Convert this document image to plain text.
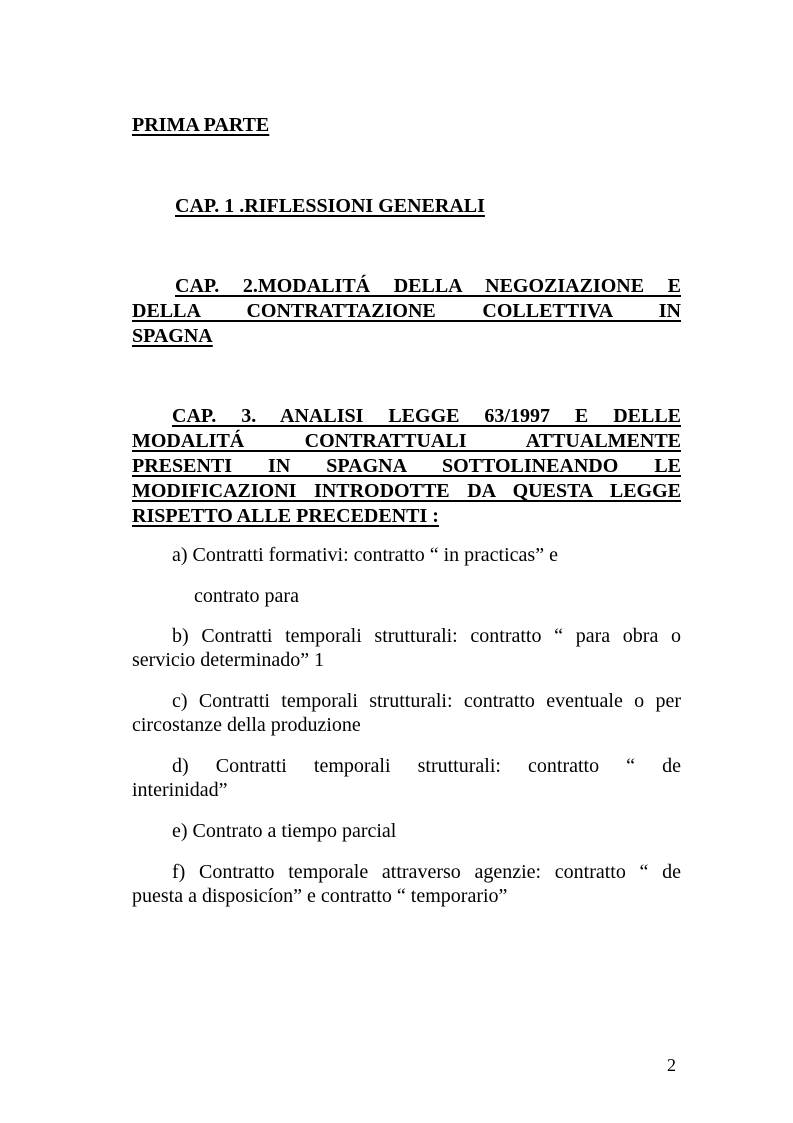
PRIMA PARTE
CAP. 1 .RIFLESSIONI GENERALI
CAP. 2.MODALITÁ DELLA NEGOZIAZIONE E
DELLA CONTRATTAZIONE COLLETTIVA IN
SPAGNA
CAP. 3. ANALISI LEGGE 63/1997 E DELLE
MODALITÁ CONTRATTUALI ATTUALMENTE
PRESENTI IN SPAGNA SOTTOLINEANDO LE
MODIFICAZIONI INTRODOTTE DA QUESTA LEGGE
RISPETTO ALLE PRECEDENTI :
a) Contratti formativi: contratto “ in practicas” e
contrato para
b) Contratti temporali strutturali: contratto “ para obra o
servicio determinado” 1
c) Contratti temporali strutturali: contratto eventuale o per
circostanze della produzione
d) Contratti temporali strutturali: contratto “ de
interinidad”
e) Contrato a tiempo parcial
f) Contratto temporale attraverso agenzie: contratto “ de
puesta a disposicíon” e contratto “ temporario”
2
